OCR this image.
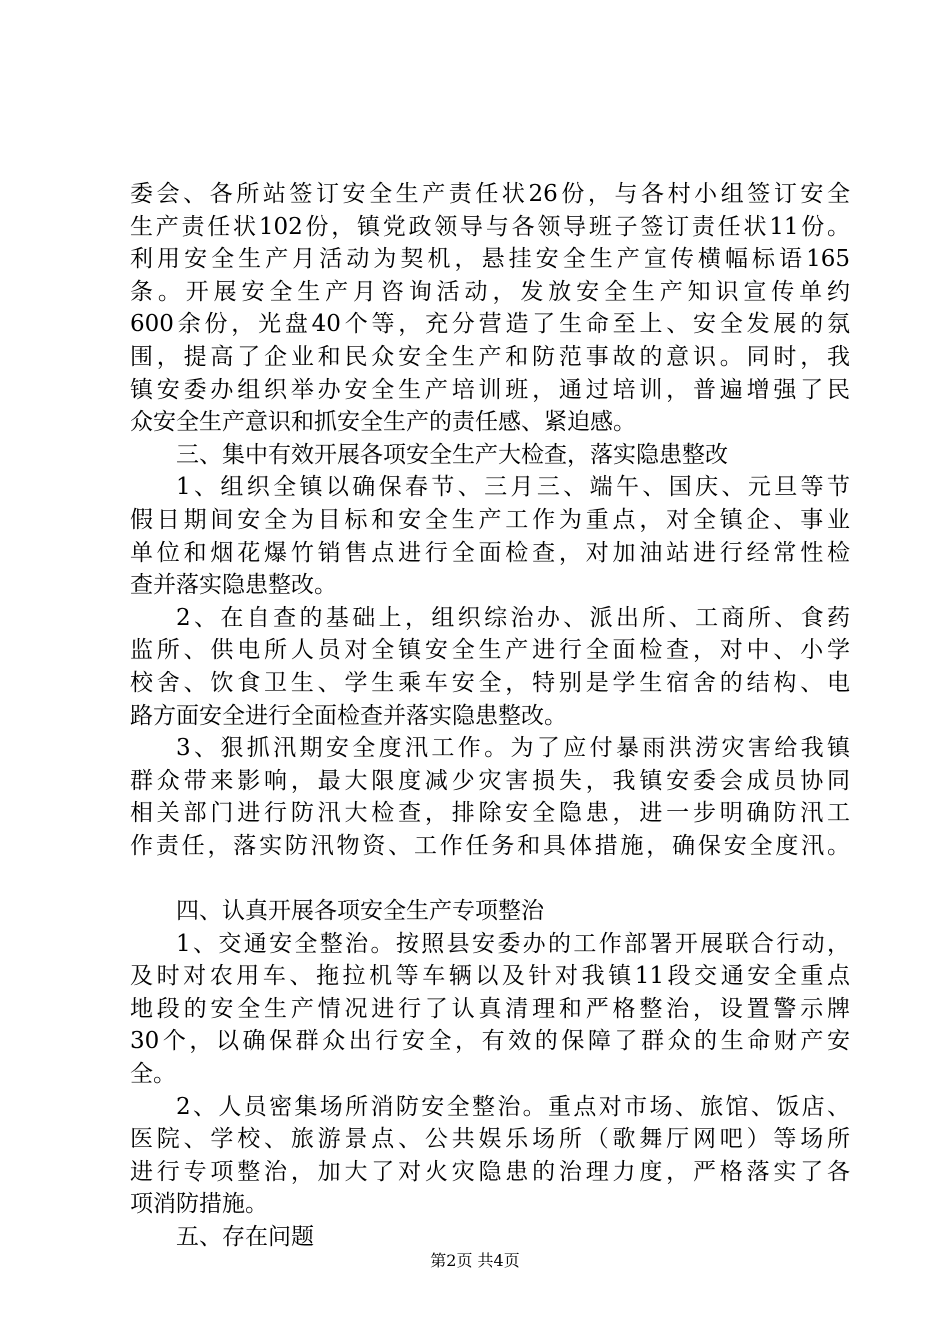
委会、各所站签订安全生产责任状26份，与各村小组签订安全
生产责任状102份，镇党政领导与各领导班子签订责任状11份。
利用安全生产月活动为契机，悬挂安全生产宣传横幅标语165
条。开展安全生产月咨询活动，发放安全生产知识宣传单约
600余份，光盘40个等，充分营造了生命至上、安全发展的氛
围，提高了企业和民众安全生产和防范事故的意识。同时，我
镇安委办组织举办安全生产培训班，通过培训，普遍增强了民
众安全生产意识和抓安全生产的责任感、紧迫感。
三、集中有效开展各项安全生产大检查，落实隐患整改
1、组织全镇以确保春节、三月三、端午、国庆、元旦等节
假日期间安全为目标和安全生产工作为重点，对全镇企、事业
单位和烟花爆竹销售点进行全面检查，对加油站进行经常性检
查并落实隐患整改。
2、在自查的基础上，组织综治办、派出所、工商所、食药
监所、供电所人员对全镇安全生产进行全面检查，对中、小学
校舍、饮食卫生、学生乘车安全，特别是学生宿舍的结构、电
路方面安全进行全面检查并落实隐患整改。
3、狠抓汛期安全度汛工作。为了应付暴雨洪涝灾害给我镇
群众带来影响，最大限度减少灾害损失，我镇安委会成员协同
相关部门进行防汛大检查，排除安全隐患，进一步明确防汛工
作责任，落实防汛物资、工作任务和具体措施，确保安全度汛。
四、认真开展各项安全生产专项整治
1、交通安全整治。按照县安委办的工作部署开展联合行动，
及时对农用车、拖拉机等车辆以及针对我镇11段交通安全重点
地段的安全生产情况进行了认真清理和严格整治，设置警示牌
30个，以确保群众出行安全，有效的保障了群众的生命财产安
全。
2、人员密集场所消防安全整治。重点对市场、旅馆、饭店、
医院、学校、旅游景点、公共娱乐场所（歌舞厅网吧）等场所
进行专项整治，加大了对火灾隐患的治理力度，严格落实了各
项消防措施。
五、存在问题
第2页 共4页
